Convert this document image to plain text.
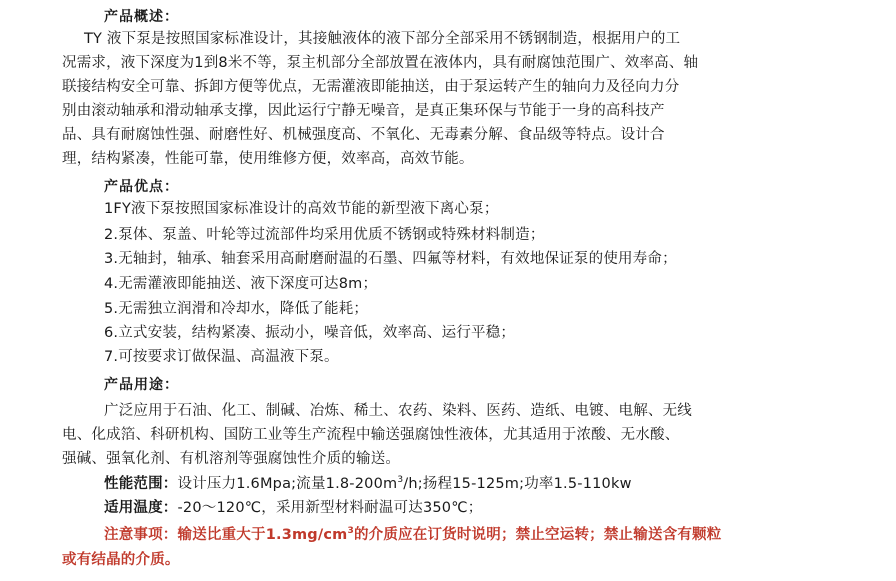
产品概述：
TY 液下泵是按照国家标准设计，其接触液体的液下部分全部采用不锈钢制造，根据用户的工
况需求，液下深度为1到8米不等，泵主机部分全部放置在液体内，具有耐腐蚀范围广、效率高、轴
联接结构安全可靠、拆卸方便等优点，无需灌液即能抽送，由于泵运转产生的轴向力及径向力分
别由滚动轴承和滑动轴承支撑，因此运行宁静无噪音，是真正集环保与节能于一身的高科技产
品、具有耐腐蚀性强、耐磨性好、机械强度高、不氧化、无毒素分解、食品级等特点。设计合
理，结构紧凑，性能可靠，使用维修方便，效率高，高效节能。
产品优点：
1FY液下泵按照国家标准设计的高效节能的新型液下离心泵；
2.泵体、泵盖、叶轮等过流部件均采用优质不锈钢或特殊材料制造；
3.无轴封，轴承、轴套采用高耐磨耐温的石墨、四氟等材料，有效地保证泵的使用寿命；
4.无需灌液即能抽送、液下深度可达8m；
5.无需独立润滑和冷却水，降低了能耗；
6.立式安装，结构紧凑、振动小，噪音低，效率高、运行平稳；
7.可按要求订做保温、高温液下泵。
产品用途：
广泛应用于石油、化工、制碱、冶炼、稀土、农药、染料、医药、造纸、电镀、电解、无线
电、化成箔、科研机构、国防工业等生产流程中输送强腐蚀性液体，尤其适用于浓酸、无水酸、
强碱、强氧化剂、有机溶剂等强腐蚀性介质的输送。
性能范围：设计压力1.6Mpa;流量$1.8-200m^3/h$;扬程15-125m;功率1.5-110kw
适用温度：-20～120℃，采用新型材料耐温可达350℃；
注意事项：输送比重大于$1.3mg/cm^3$的介质应在订货时说明；禁止空运转；禁止输送含有颗粒
或有结晶的介质。
